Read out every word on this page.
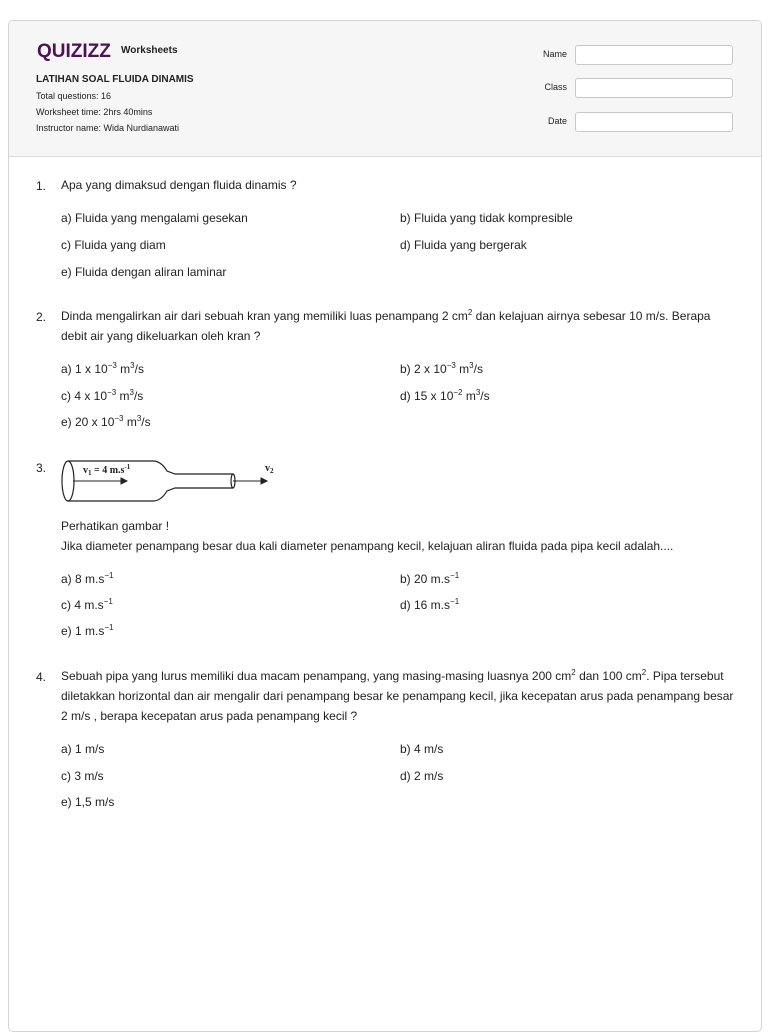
QUIZIZZ Worksheets
LATIHAN SOAL FLUIDA DINAMIS
Total questions: 16
Worksheet time: 2hrs 40mins
Instructor name: Wida Nurdianawati
Name
Class
Date
1. Apa yang dimaksud dengan fluida dinamis ?
a) Fluida yang mengalami gesekan	b) Fluida yang tidak kompresible
c) Fluida yang diam	d) Fluida yang bergerak
e) Fluida dengan aliran laminar
2. Dinda mengalirkan air dari sebuah kran yang memiliki luas penampang 2 $cm^2$ dan kelajuan airnya sebesar 10 m/s. Berapa debit air yang dikeluarkan oleh kran ?
a) 1 x $10^{-3}$ $m^3/s$	b) 2 x $10^{-3}$ $m^3/s$
c) 4 x $10^{-3}$ $m^3/s$	d) 15 x $10^{-2}$ $m^3/s$
e) 20 x $10^{-3}$ $m^3/s$
3.	$v_1 = 4$ $m.s^{-1}$	$v_2$
Perhatikan gambar !
Jika diameter penampang besar dua kali diameter penampang kecil, kelajuan aliran fluida pada pipa kecil adalah....
a) 8 $m.s^{-1}$	b) 20 $m.s^{-1}$
c) 4 $m.s^{-1}$	d) 16 $m.s^{-1}$
e) 1 $m.s^{-1}$
4. Sebuah pipa yang lurus memiliki dua macam penampang, yang masing-masing luasnya 200 $cm^2$ dan 100 $cm^2$. Pipa tersebut diletakkan horizontal dan air mengalir dari penampang besar ke penampang kecil, jika kecepatan arus pada penampang besar 2 m/s , berapa kecepatan arus pada penampang kecil ?
a) 1 m/s	b) 4 m/s
c) 3 m/s	d) 2 m/s
e) 1,5 m/s
